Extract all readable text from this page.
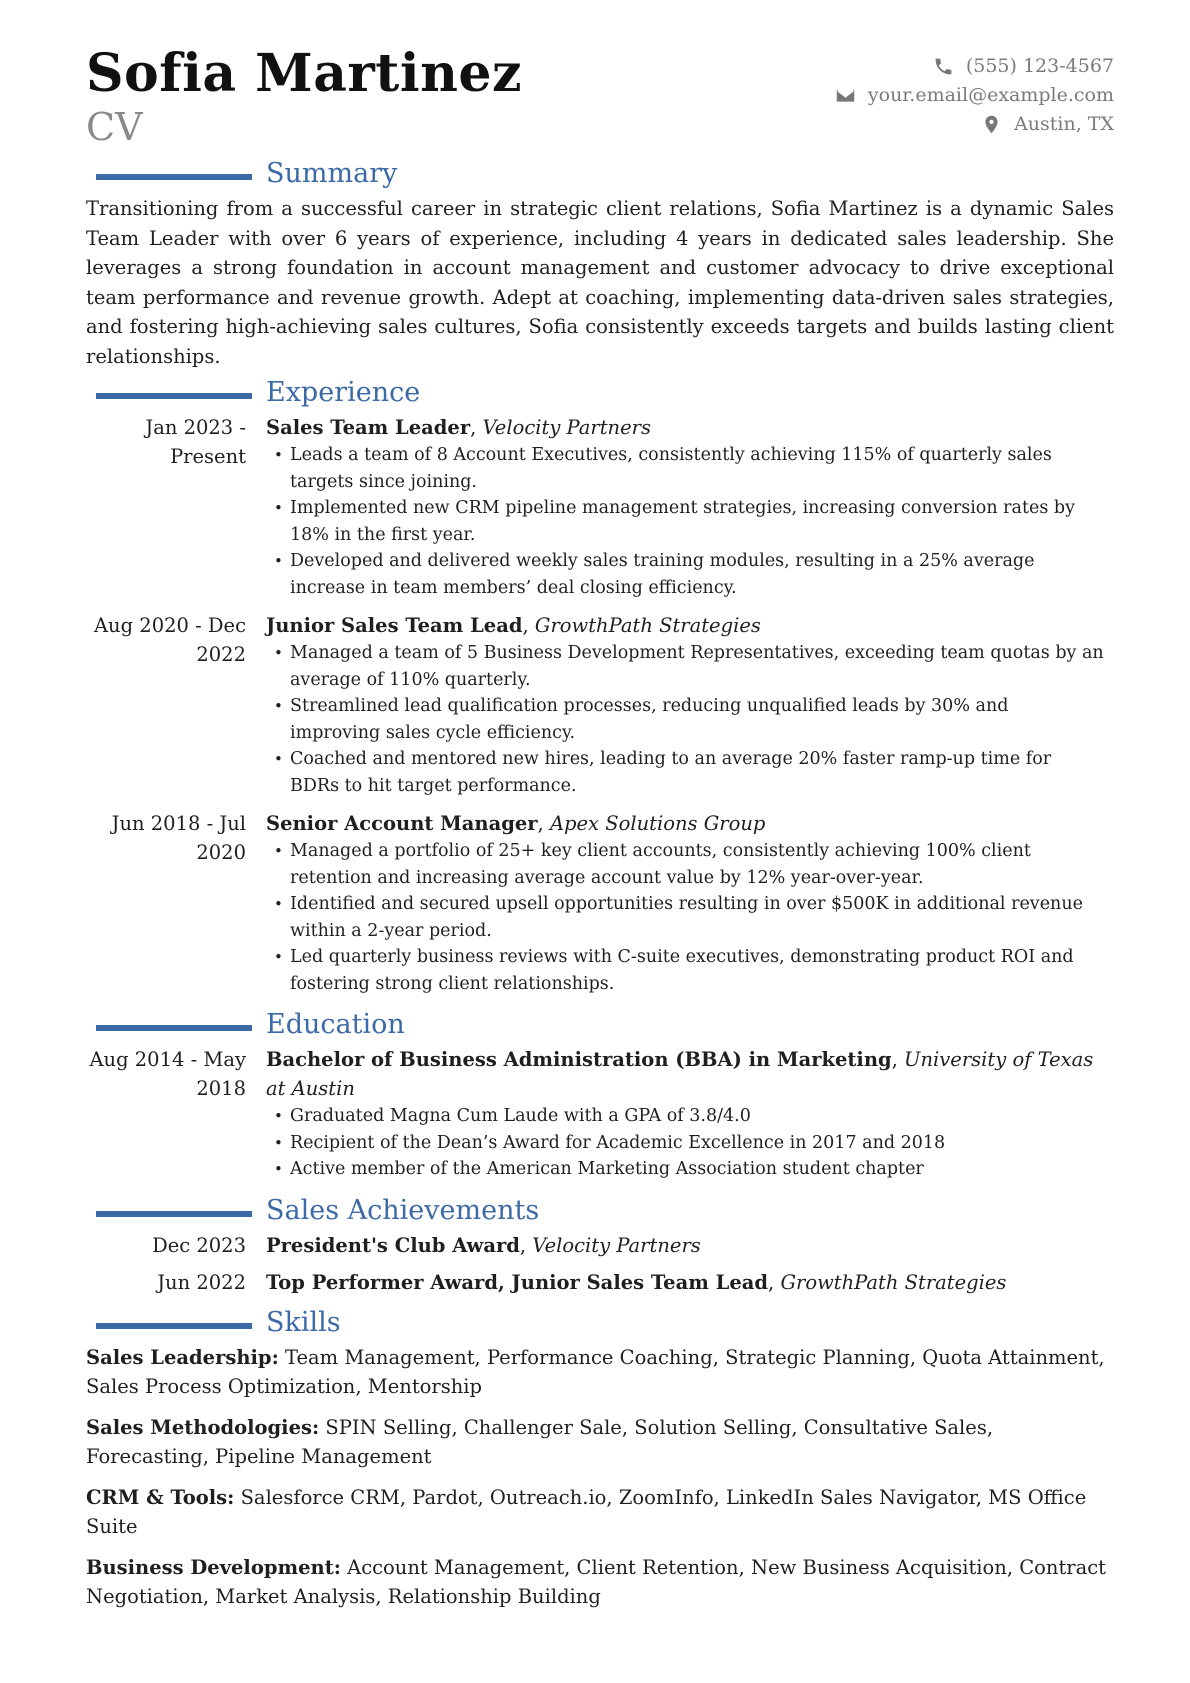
Sofia Martinez
CV
(555) 123-4567
your.email@example.com
Austin, TX
Summary

Transitioning from a successful career in strategic client relations, Sofia Martinez is a dynamic Sales Team Leader with over 6 years of experience, including 4 years in dedicated sales leadership. She leverages a strong foundation in account management and customer advocacy to drive exceptional team performance and revenue growth. Adept at coaching, implementing data-driven sales strategies, and fostering high-achieving sales cultures, Sofia consistently exceeds targets and builds lasting client relationships.

Experience
Jan 2023 - Present
Sales Team Leader, Velocity Partners
• Leads a team of 8 Account Executives, consistently achieving 115% of quarterly sales targets since joining.
• Implemented new CRM pipeline management strategies, increasing conversion rates by 18% in the first year.
• Developed and delivered weekly sales training modules, resulting in a 25% average increase in team members’ deal closing efficiency.
Aug 2020 - Dec 2022
Junior Sales Team Lead, GrowthPath Strategies
• Managed a team of 5 Business Development Representatives, exceeding team quotas by an average of 110% quarterly.
• Streamlined lead qualification processes, reducing unqualified leads by 30% and improving sales cycle efficiency.
• Coached and mentored new hires, leading to an average 20% faster ramp-up time for BDRs to hit target performance.
Jun 2018 - Jul 2020
Senior Account Manager, Apex Solutions Group
• Managed a portfolio of 25+ key client accounts, consistently achieving 100% client retention and increasing average account value by 12% year-over-year.
• Identified and secured upsell opportunities resulting in over $500K in additional revenue within a 2-year period.
• Led quarterly business reviews with C-suite executives, demonstrating product ROI and fostering strong client relationships.
Education
Aug 2014 - May 2018
Bachelor of Business Administration (BBA) in Marketing, University of Texas at Austin
• Graduated Magna Cum Laude with a GPA of 3.8/4.0
• Recipient of the Dean’s Award for Academic Excellence in 2017 and 2018
• Active member of the American Marketing Association student chapter
Sales Achievements
Dec 2023	President's Club Award, Velocity Partners
Jun 2022	Top Performer Award, Junior Sales Team Lead, GrowthPath Strategies
Skills
Sales Leadership: Team Management, Performance Coaching, Strategic Planning, Quota Attainment, Sales Process Optimization, Mentorship
Sales Methodologies: SPIN Selling, Challenger Sale, Solution Selling, Consultative Sales, Forecasting, Pipeline Management
CRM & Tools: Salesforce CRM, Pardot, Outreach.io, ZoomInfo, LinkedIn Sales Navigator, MS Office Suite
Business Development: Account Management, Client Retention, New Business Acquisition, Contract Negotiation, Market Analysis, Relationship Building
